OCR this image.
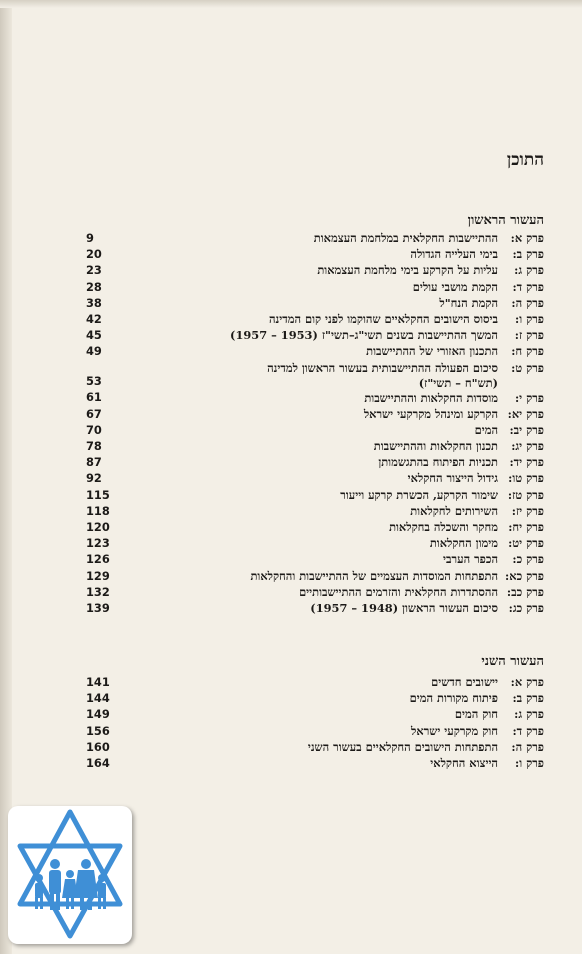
התוכן
העשור הראשון
פרק א:
ההתיישבות החקלאית במלחמת העצמאות
9
פרק ב:
בימי העלייה הגדולה
20
פרק ג:
עליות על הקרקע בימי מלחמת העצמאות
23
פרק ד:
הקמת מושבי עולים
28
פרק ה:
הקמת הנח"ל
38
פרק ו:
ביסוס הישובים החקלאיים שהוקמו לפני קום המדינה
42
פרק ז:
המשך ההתיישבות בשנים תשי"ג–תשי"ז (1953 – 1957)
45
פרק ח:
התכנון האזורי של ההתיישבות
49
פרק ט:
סיכום הפעולה ההתיישבותית בעשור הראשון למדינה
(תש"ח – תשי"ז)
53
פרק י:
מוסדות החקלאות וההתיישבות
61
פרק יא:
הקרקע ומינהל מקרקעי ישראל
67
פרק יב:
המים
70
פרק יג:
תכנון החקלאות וההתיישבות
78
פרק יד:
תכניות הפיתוח בהתגשמותן
87
פרק טו:
גידול הייצור החקלאי
92
פרק טז:
שימור הקרקע, הכשרת קרקע וייעור
115
פרק יז:
השירותים לחקלאות
118
פרק יח:
מחקר והשכלה בחקלאות
120
פרק יט:
מימון החקלאות
123
פרק כ:
הכפר הערבי
126
פרק כא:
התפתחות המוסדות העצמיים של ההתיישבות והחקלאות
129
פרק כב:
ההסתדרות החקלאית והזרמים ההתיישבותיים
132
פרק כג:
סיכום העשור הראשון (1948 – 1957)
139
העשור השני
פרק א:
יישובים חדשים
141
פרק ב:
פיתוח מקורות המים
144
פרק ג:
חוק המים
149
פרק ד:
חוק מקרקעי ישראל
156
פרק ה:
התפתחות הישובים החקלאיים בעשור השני
160
פרק ו:
הייצוא החקלאי
164
